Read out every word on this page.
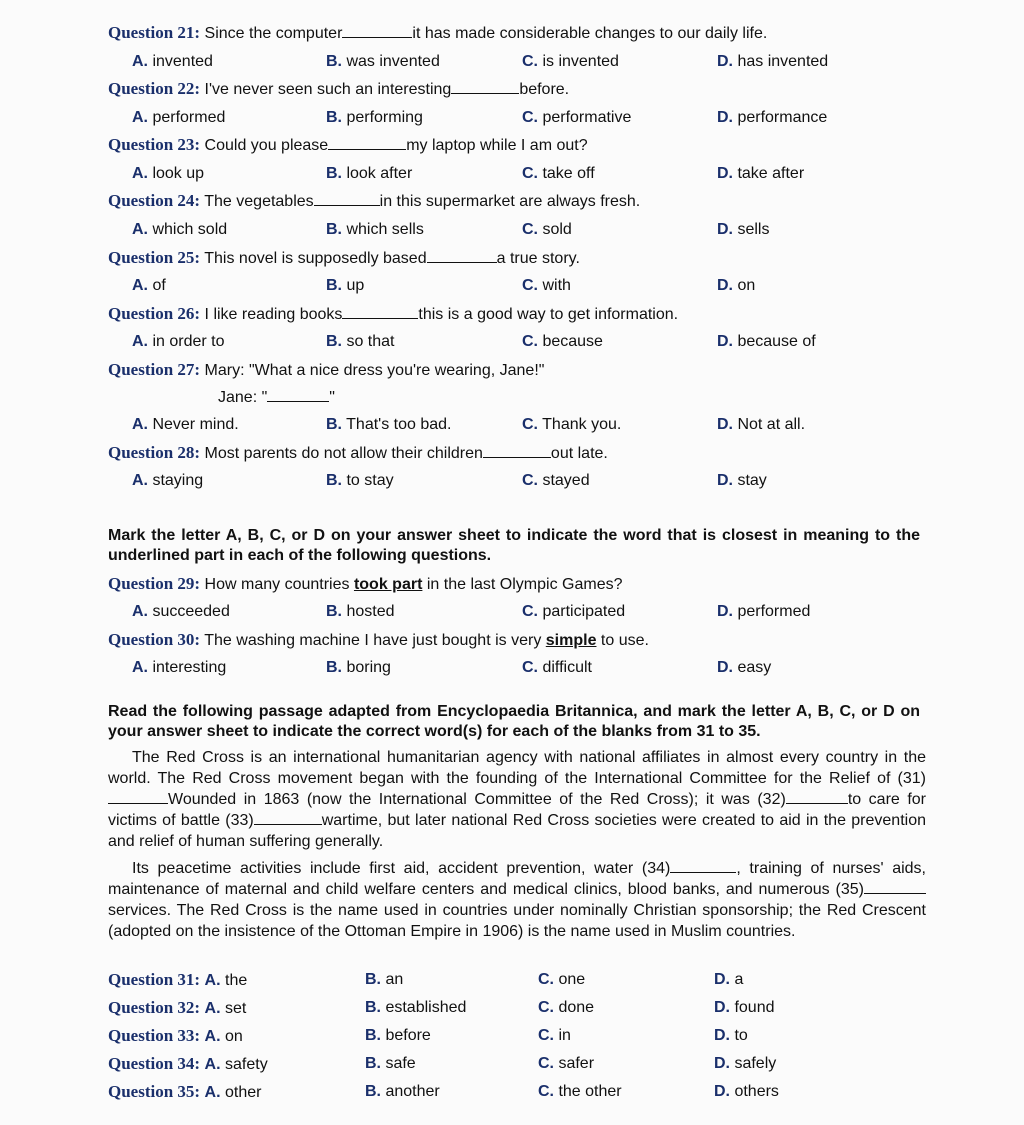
Question 21: Since the computer	it has made considerable changes to our daily life.
A. invented	B. was invented	C. is invented	D. has invented
Question 22: I've never seen such an interesting	before.
A. performed	B. performing	C. performative	D. performance
Question 23: Could you please	my laptop while I am out?
A. look up	B. look after	C. take off	D. take after
Question 24: The vegetables	in this supermarket are always fresh.
A. which sold	B. which sells	C. sold	D. sells
Question 25: This novel is supposedly based	a true story.
A. of	B. up	C. with	D. on
Question 26: I like reading books	this is a good way to get information.
A. in order to	B. so that	C. because	D. because of
Question 27: Mary: "What a nice dress you're wearing, Jane!"
Jane: "	"
A. Never mind.	B. That's too bad.	C. Thank you.	D. Not at all.
Question 28: Most parents do not allow their children	out late.
A. staying	B. to stay	C. stayed	D. stay
Mark the letter A, B, C, or D on your answer sheet to indicate the word that is closest in meaning to the underlined part in each of the following questions.
Question 29: How many countries took part in the last Olympic Games?
A. succeeded	B. hosted	C. participated	D. performed
Question 30: The washing machine I have just bought is very simple to use.
A. interesting	B. boring	C. difficult	D. easy
Read the following passage adapted from Encyclopaedia Britannica, and mark the letter A, B, C, or D on your answer sheet to indicate the correct word(s) for each of the blanks from 31 to 35.
The Red Cross is an international humanitarian agency with national affiliates in almost every country in the world. The Red Cross movement began with the founding of the International Committee for the Relief of (31)Wounded in 1863 (now the International Committee of the Red Cross); it was (32)	to care for victims of battle (33)	wartime, but later national Red Cross societies were created to aid in the prevention and relief of human suffering generally.
Its peacetime activities include first aid, accident prevention, water (34)	, training of nurses' aids, maintenance of maternal and child welfare centers and medical clinics, blood banks, and numerous (35) services. The Red Cross is the name used in countries under nominally Christian sponsorship; the Red Crescent (adopted on the insistence of the Ottoman Empire in 1906) is the name used in Muslim countries.
Question 31: A. the	B. an	C. one	D. a
Question 32: A. set	B. established	C. done	D. found
Question 33: A. on	B. before	C. in	D. to
Question 34: A. safety	B. safe	C. safer	D. safely
Question 35: A. other	B. another	C. the other	D. others
